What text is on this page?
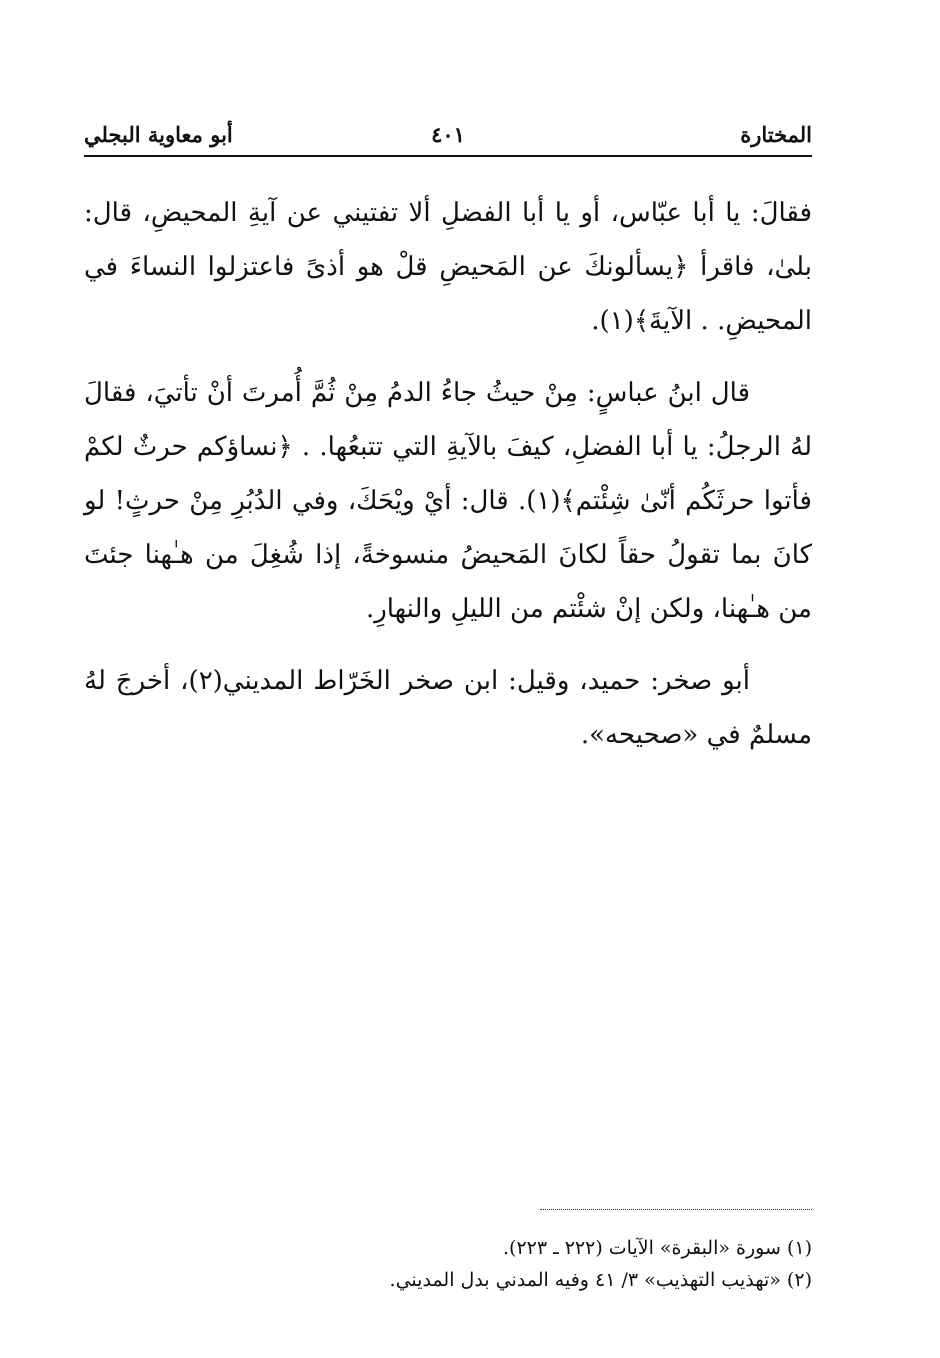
المختارة
٤٠١
أبو معاوية البجلي

فقالَ: يا أبا عبّاس، أو يا أبا الفضلِ ألا تفتيني عن آيةِ المحيضِ، قال: بلىٰ، فاقرأ ﴿يسألونكَ عن المَحيضِ قلْ هو أذىً فاعتزلوا النساءَ في المحيضِ. . الآيةَ﴾(١).

قال ابنُ عباسٍ: مِنْ حيثُ جاءُ الدمُ مِنْ ثُمَّ أُمرتَ أنْ تأتيَ، فقالَ لهُ الرجلُ: يا أبا الفضلِ، كيفَ بالآيةِ التي تتبعُها. . ﴿نساؤكم حرثٌ لكمْ فأتوا حرثَكُم أنّىٰ شِئْتم﴾(١). قال: أيْ ويْحَكَ، وفي الدُبُرِ مِنْ حرثٍ! لو كانَ بما تقولُ حقاً لكانَ المَحيضُ منسوخةً، إذا شُغِلَ من هـٰهنا جئتَ من هـٰهنا، ولكن إنْ شئْتم من الليلِ والنهارِ.

أبو صخر: حميد، وقيل: ابن صخر الخَرّاط المديني(٢)، أخرجَ لهُ مسلمٌ في «صحيحه».

(١) سورة «البقرة» الآيات (٢٢٢ ـ ٢٢٣).

(٢) «تهذيب التهذيب» ٣/ ٤١ وفيه المدني بدل المديني.
